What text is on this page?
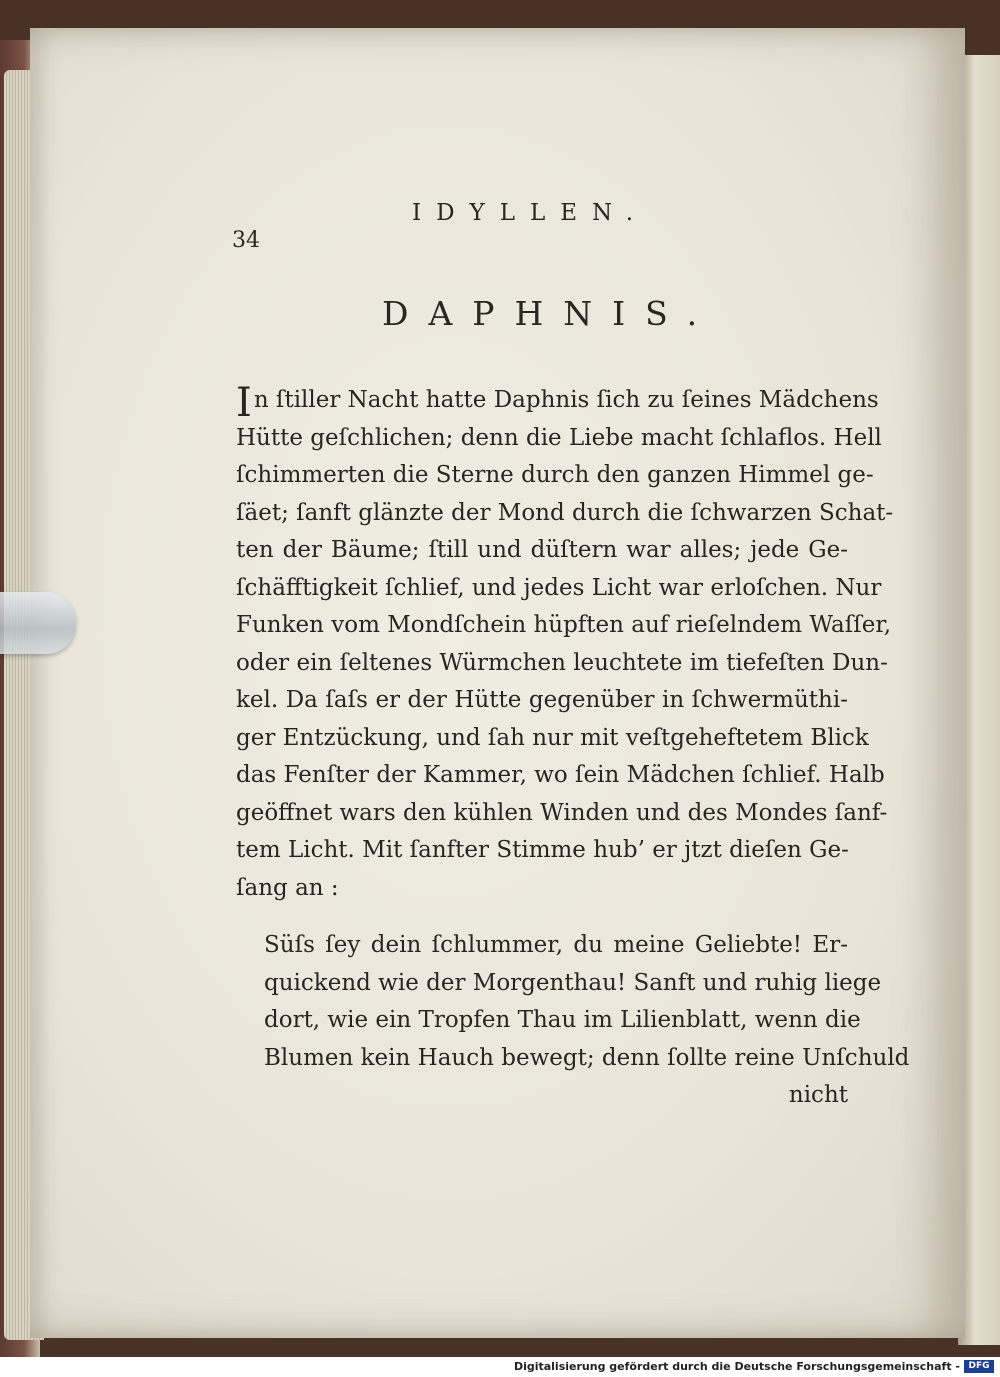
34
IDYLLEN.
DAPHNIS.
In ſtiller Nacht hatte Daphnis ſich zu ſeines Mädchens
Hütte geſchlichen; denn die Liebe macht ſchlaflos. Hell
ſchimmerten die Sterne durch den ganzen Himmel ge-
ſäet; ſanft glänzte der Mond durch die ſchwarzen Schat-
ten der Bäume; ſtill und düſtern war alles; jede Ge-
ſchäfftigkeit ſchlief, und jedes Licht war erloſchen. Nur
Funken vom Mondſchein hüpften auf rieſelndem Waſſer,
oder ein ſeltenes Würmchen leuchtete im tiefeſten Dun-
kel. Da ſaſs er der Hütte gegenüber in ſchwermüthi-
ger Entzückung, und ſah nur mit veſtgeheftetem Blick
das Fenſter der Kammer, wo ſein Mädchen ſchlief. Halb
geöffnet wars den kühlen Winden und des Mondes ſanf-
tem Licht. Mit ſanfter Stimme hub’ er jtzt dieſen Ge-
ſang an :
Süſs ſey dein ſchlummer, du meine Geliebte! Er-
quickend wie der Morgenthau! Sanft und ruhig liege
dort, wie ein Tropfen Thau im Lilienblatt, wenn die
Blumen kein Hauch bewegt; denn ſollte reine Unſchuld
nicht
Digitalisierung gefördert durch die Deutsche Forschungsgemeinschaft - DFG
